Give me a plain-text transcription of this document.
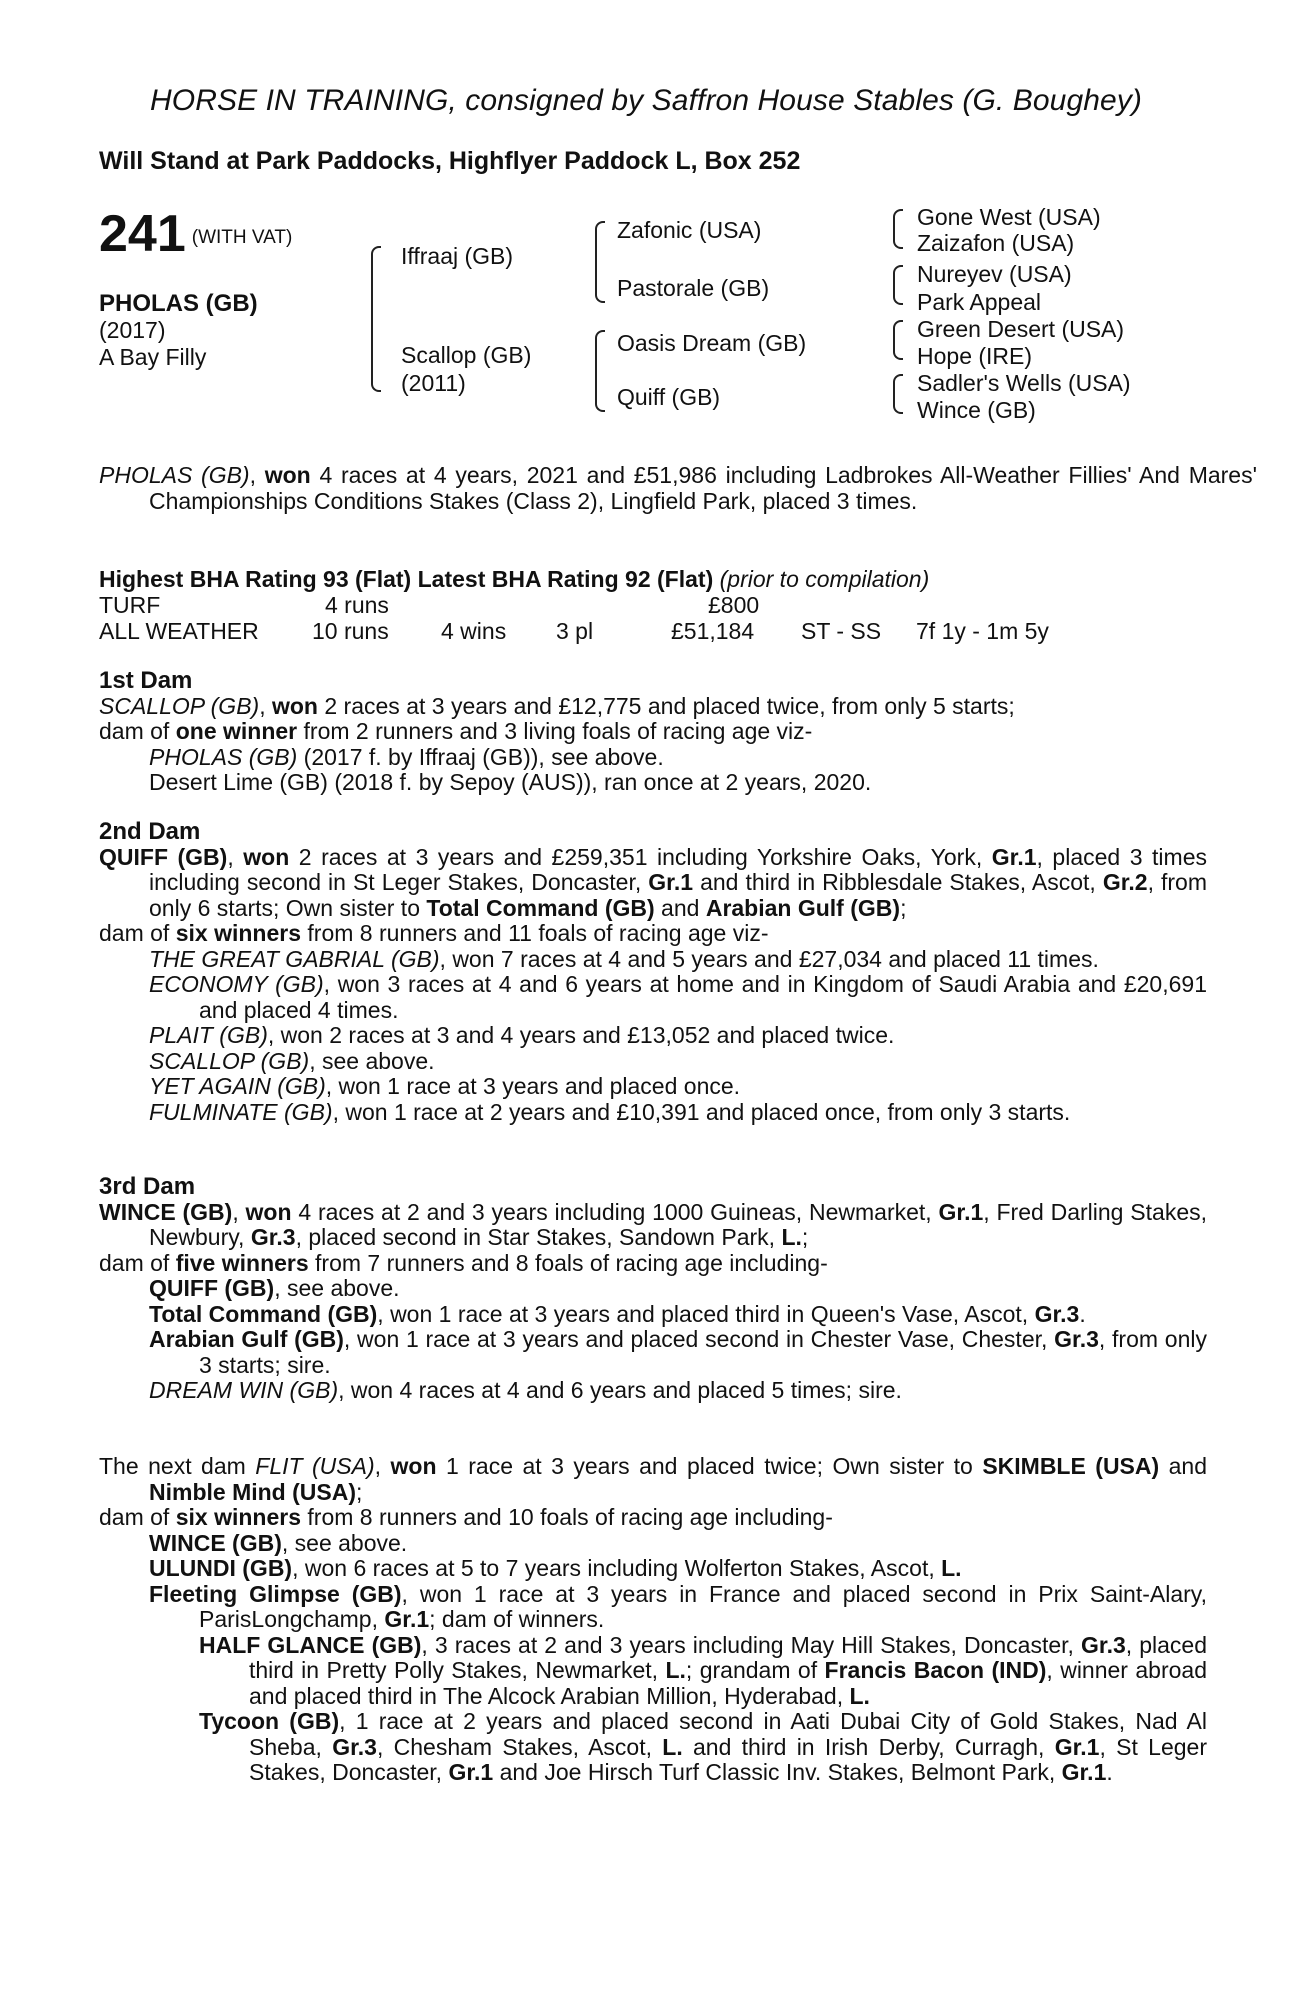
HORSE IN TRAINING, consigned by Saffron House Stables (G. Boughey)
Will Stand at Park Paddocks, Highflyer Paddock L, Box 252
241 (WITH VAT)
PHOLAS (GB)
(2017)
A Bay Filly
Iffraaj (GB)
Scallop (GB)
(2011)
Zafonic (USA)
Pastorale (GB)
Oasis Dream (GB)
Quiff (GB)
Gone West (USA)
Zaizafon (USA)
Nureyev (USA)
Park Appeal
Green Desert (USA)
Hope (IRE)
Sadler's Wells (USA)
Wince (GB)
PHOLAS (GB), won 4 races at 4 years, 2021 and £51,986 including Ladbrokes All-Weather Fillies' And Mares' Championships Conditions Stakes (Class 2), Lingfield Park, placed 3 times.
Highest BHA Rating 93 (Flat) Latest BHA Rating 92 (Flat) (prior to compilation)
TURF	4 runs	£800
ALL WEATHER 10 runs 4 wins 3 pl	£51,184 ST - SS 7f 1y - 1m 5y
1st Dam
SCALLOP (GB), won 2 races at 3 years and £12,775 and placed twice, from only 5 starts;
dam of one winner from 2 runners and 3 living foals of racing age viz-
PHOLAS (GB) (2017 f. by Iffraaj (GB)), see above.
Desert Lime (GB) (2018 f. by Sepoy (AUS)), ran once at 2 years, 2020.
2nd Dam
QUIFF (GB), won 2 races at 3 years and £259,351 including Yorkshire Oaks, York, Gr.1, placed 3 times including second in St Leger Stakes, Doncaster, Gr.1 and third in Ribblesdale Stakes, Ascot, Gr.2, from only 6 starts; Own sister to Total Command (GB) and Arabian Gulf (GB);
dam of six winners from 8 runners and 11 foals of racing age viz-
THE GREAT GABRIAL (GB), won 7 races at 4 and 5 years and £27,034 and placed 11 times.
ECONOMY (GB), won 3 races at 4 and 6 years at home and in Kingdom of Saudi Arabia and £20,691 and placed 4 times.
PLAIT (GB), won 2 races at 3 and 4 years and £13,052 and placed twice.
SCALLOP (GB), see above.
YET AGAIN (GB), won 1 race at 3 years and placed once.
FULMINATE (GB), won 1 race at 2 years and £10,391 and placed once, from only 3 starts.
3rd Dam
WINCE (GB), won 4 races at 2 and 3 years including 1000 Guineas, Newmarket, Gr.1, Fred Darling Stakes, Newbury, Gr.3, placed second in Star Stakes, Sandown Park, L.;
dam of five winners from 7 runners and 8 foals of racing age including-
QUIFF (GB), see above.
Total Command (GB), won 1 race at 3 years and placed third in Queen's Vase, Ascot, Gr.3.
Arabian Gulf (GB), won 1 race at 3 years and placed second in Chester Vase, Chester, Gr.3, from only 3 starts; sire.
DREAM WIN (GB), won 4 races at 4 and 6 years and placed 5 times; sire.
The next dam FLIT (USA), won 1 race at 3 years and placed twice; Own sister to SKIMBLE (USA) and Nimble Mind (USA);
dam of six winners from 8 runners and 10 foals of racing age including-
WINCE (GB), see above.
ULUNDI (GB), won 6 races at 5 to 7 years including Wolferton Stakes, Ascot, L.
Fleeting Glimpse (GB), won 1 race at 3 years in France and placed second in Prix Saint-Alary, ParisLongchamp, Gr.1; dam of winners.
HALF GLANCE (GB), 3 races at 2 and 3 years including May Hill Stakes, Doncaster, Gr.3, placed third in Pretty Polly Stakes, Newmarket, L.; grandam of Francis Bacon (IND), winner abroad and placed third in The Alcock Arabian Million, Hyderabad, L.
Tycoon (GB), 1 race at 2 years and placed second in Aati Dubai City of Gold Stakes, Nad Al Sheba, Gr.3, Chesham Stakes, Ascot, L. and third in Irish Derby, Curragh, Gr.1, St Leger Stakes, Doncaster, Gr.1 and Joe Hirsch Turf Classic Inv. Stakes, Belmont Park, Gr.1.
